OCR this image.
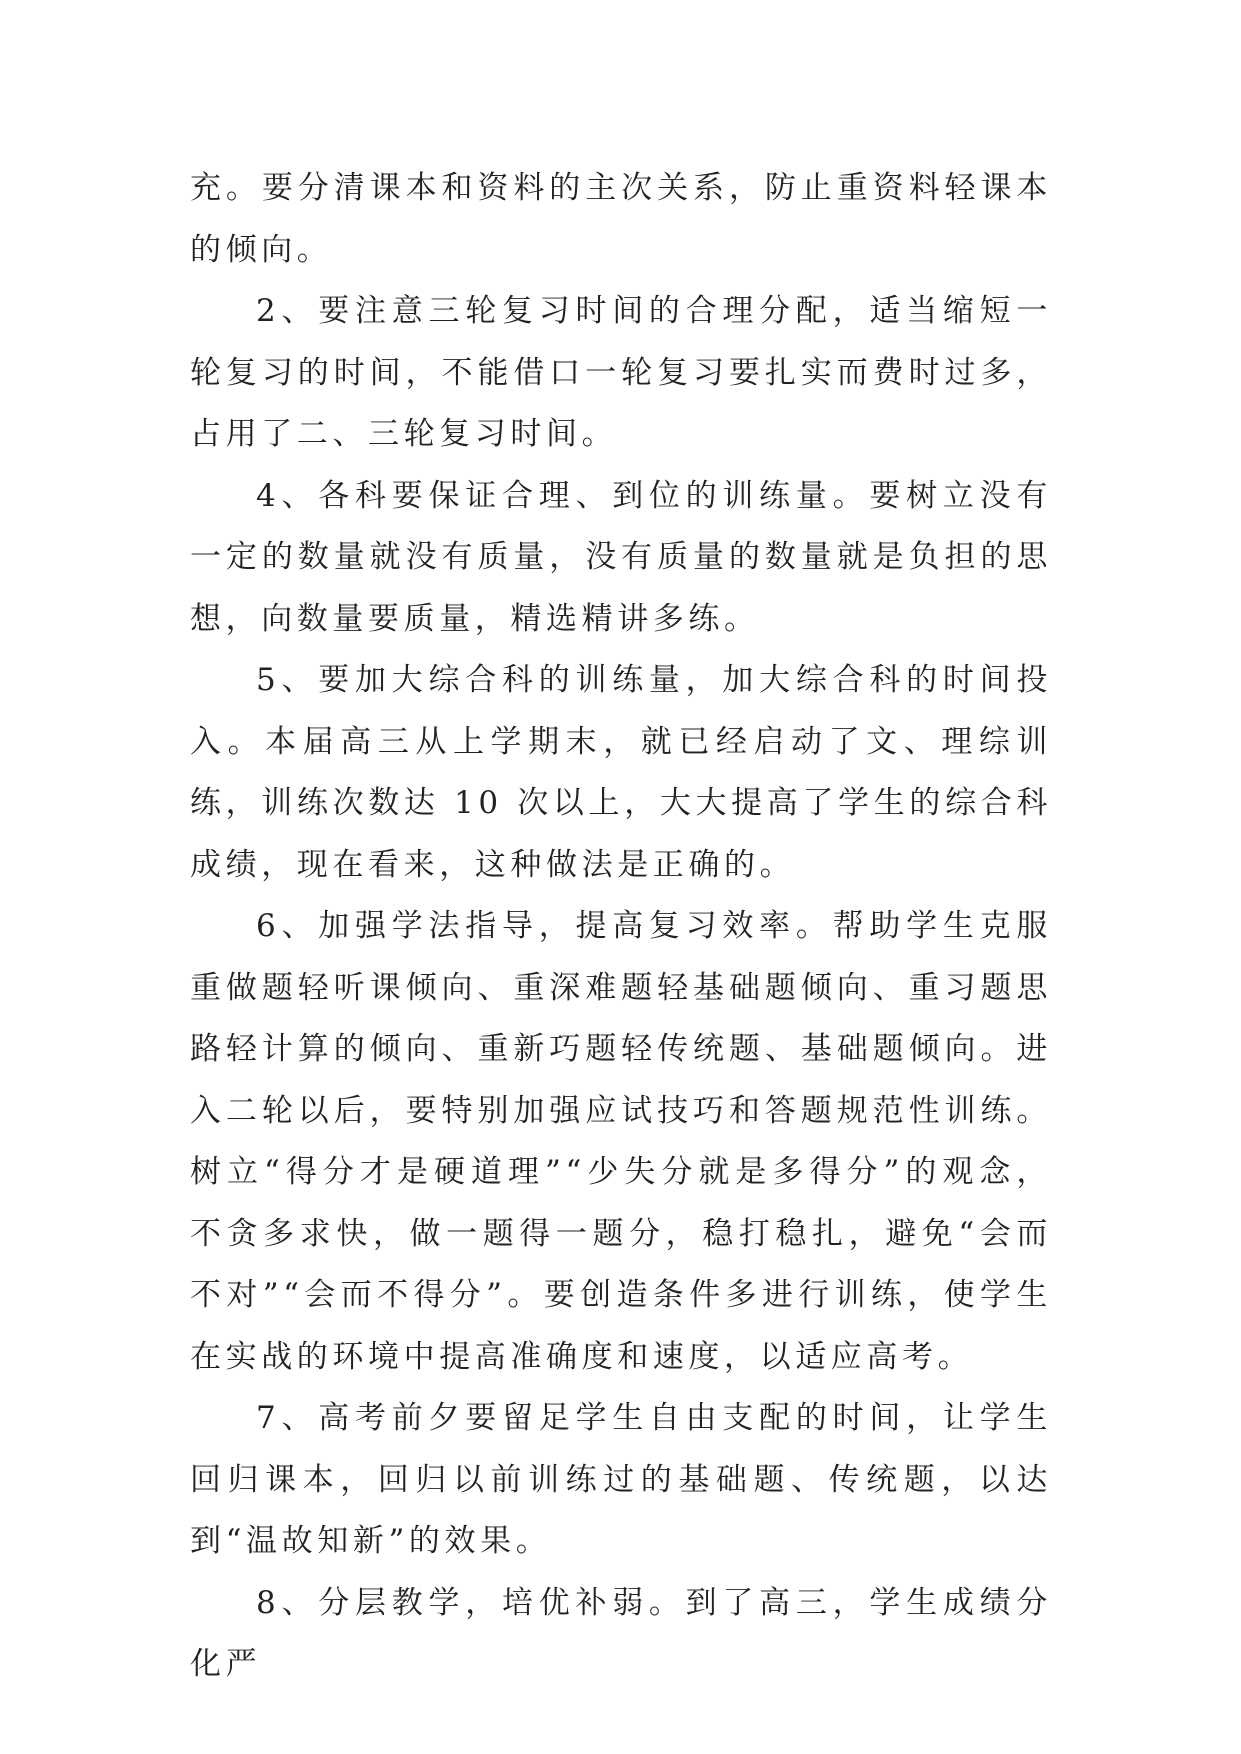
充。要分清课本和资料的主次关系，防止重资料轻课本的倾向。

2、要注意三轮复习时间的合理分配，适当缩短一轮复习的时间，不能借口一轮复习要扎实而费时过多，占用了二、三轮复习时间。

4、各科要保证合理、到位的训练量。要树立没有一定的数量就没有质量，没有质量的数量就是负担的思想，向数量要质量，精选精讲多练。

5、要加大综合科的训练量，加大综合科的时间投入。本届高三从上学期末，就已经启动了文、理综训练，训练次数达 10 次以上，大大提高了学生的综合科成绩，现在看来，这种做法是正确的。

6、加强学法指导，提高复习效率。帮助学生克服重做题轻听课倾向、重深难题轻基础题倾向、重习题思路轻计算的倾向、重新巧题轻传统题、基础题倾向。进入二轮以后，要特别加强应试技巧和答题规范性训练。树立“得分才是硬道理”“少失分就是多得分”的观念，不贪多求快，做一题得一题分，稳打稳扎，避免“会而不对”“会而不得分”。要创造条件多进行训练，使学生在实战的环境中提高准确度和速度，以适应高考。

7、高考前夕要留足学生自由支配的时间，让学生回归课本，回归以前训练过的基础题、传统题，以达到“温故知新”的效果。

8、分层教学，培优补弱。到了高三，学生成绩分化严
